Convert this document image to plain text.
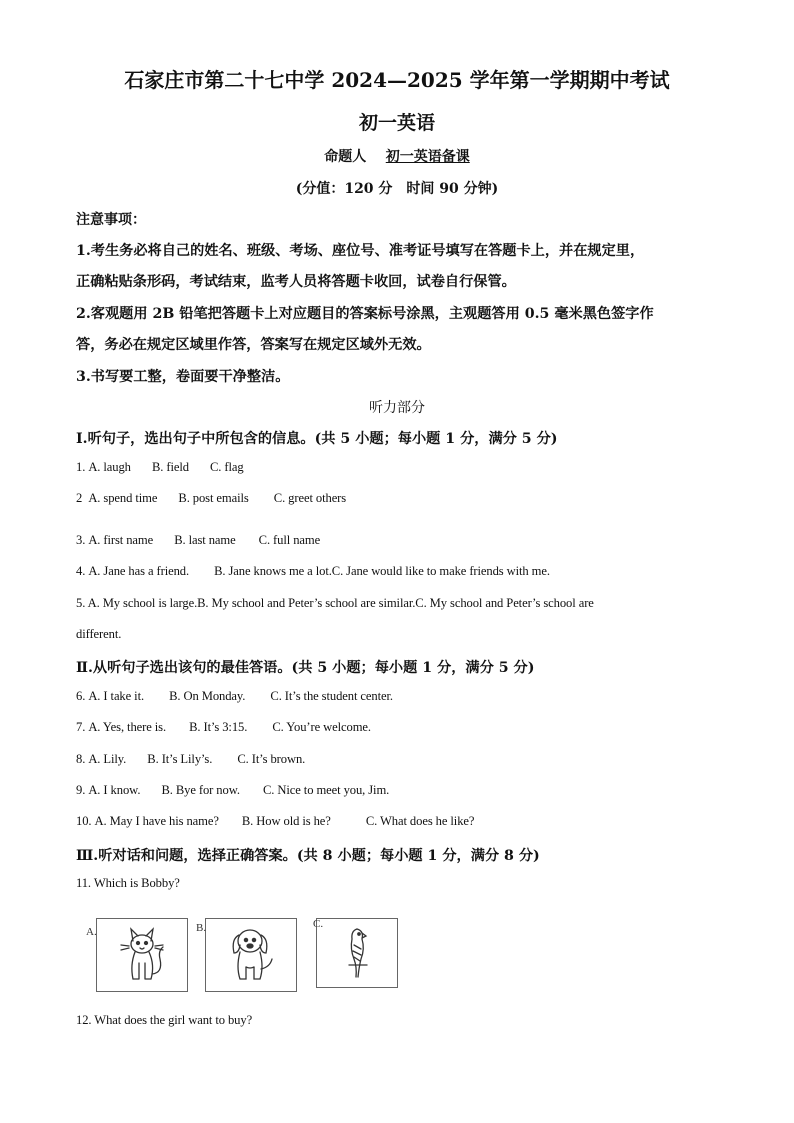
石家庄市第二十七中学 2024—2025 学年第一学期期中考试
初一英语
命题人 初一英语备课
(分值：120 分　时间 90 分钟)
注意事项：
1.考生务必将自己的姓名、班级、考场、座位号、准考证号填写在答题卡上，并在规定里，
正确粘贴条形码，考试结束，监考人员将答题卡收回，试卷自行保管。
2.客观题用 2B 铅笔把答题卡上对应题目的答案标号涂黑，主观题答用 0.5 毫米黑色签字作
答，务必在规定区域里作答，答案写在规定区域外无效。
3.书写要工整，卷面要干净整洁。
听力部分
Ⅰ.听句子，选出句子中所包含的信息。(共 5 小题；每小题 1 分，满分 5 分)
1. A. laugh B. field C. flag
2 A. spend time B. post emails C. greet others
3. A. first name B. last name C. full name
4. A. Jane has a friend. B. Jane knows me a lot.C. Jane would like to make friends with me.
5. A. My school is large.B. My school and Peter’s school are similar.C. My school and Peter’s school are
different.
Ⅱ.从听句子选出该句的最佳答语。(共 5 小题；每小题 1 分，满分 5 分)
6. A. I take it. B. On Monday. C. It’s the student center.
7. A. Yes, there is. B. It’s 3:15. C. You’re welcome.
8. A. Lily. B. It’s Lily’s. C. It’s brown.
9. A. I know. B. Bye for now. C. Nice to meet you, Jim.
10. A. May I have his name? B. How old is he?	C. What does he like?
Ⅲ.听对话和问题，选择正确答案。(共 8 小题；每小题 1 分，满分 8 分)
11. Which is Bobby?
A.	B.	C.
12. What does the girl want to buy?
